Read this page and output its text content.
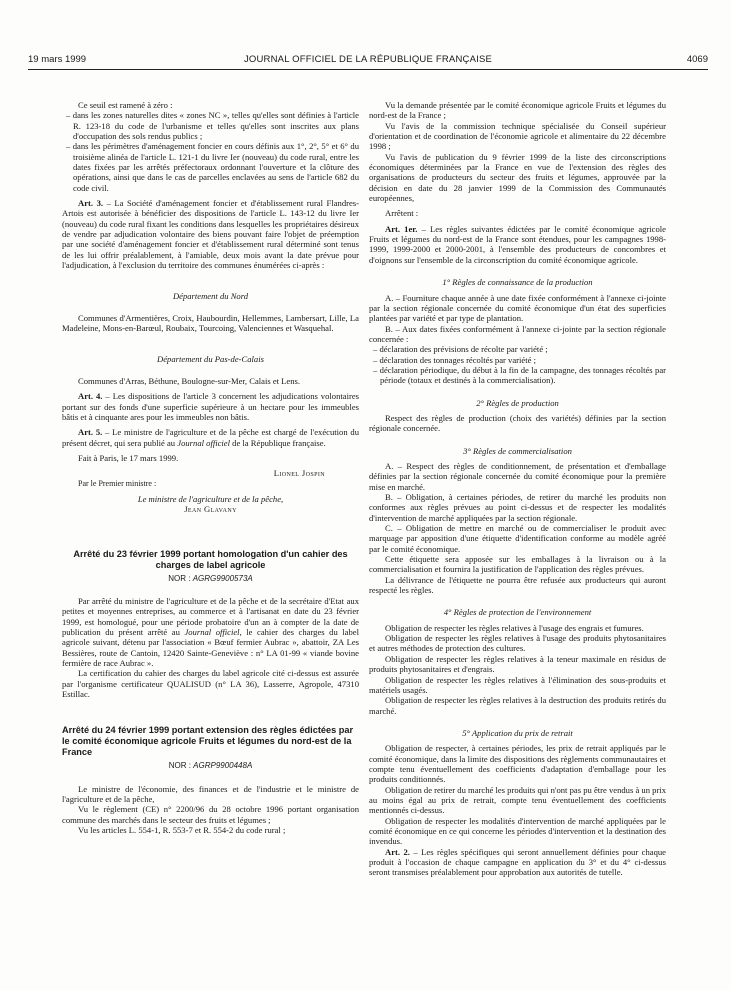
19 mars 1999	JOURNAL OFFICIEL DE LA RÉPUBLIQUE FRANÇAISE	4069

Ce seuil est ramené à zéro :

– dans les zones naturelles dites « zones NC », telles qu'elles sont définies à l'article R. 123-18 du code de l'urbanisme et telles qu'elles sont inscrites aux plans d'occupation des sols rendus publics ;

– dans les périmètres d'aménagement foncier en cours définis aux 1°, 2°, 5° et 6° du troisième alinéa de l'article L. 121-1 du livre Ier (nouveau) du code rural, entre les dates fixées par les arrêtés préfectoraux ordonnant l'ouverture et la clôture des opérations, ainsi que dans le cas de parcelles enclavées au sens de l'article 682 du code civil.

Art. 3. – La Société d'aménagement foncier et d'établissement rural Flandres-Artois est autorisée à bénéficier des dispositions de l'article L. 143-12 du livre Ier (nouveau) du code rural fixant les conditions dans lesquelles les propriétaires désireux de vendre par adjudication volontaire des biens pouvant faire l'objet de préemption par une société d'aménagement foncier et d'établissement rural déterminé sont tenus de les lui offrir préalablement, à l'amiable, deux mois avant la date prévue pour l'adjudication, à l'exclusion du territoire des communes énumérées ci-après :

Département du Nord

Communes d'Armentières, Croix, Haubourdin, Hellemmes, Lambersart, Lille, La Madeleine, Mons-en-Barœul, Roubaix, Tourcoing, Valenciennes et Wasquehal.

Département du Pas-de-Calais

Communes d'Arras, Béthune, Boulogne-sur-Mer, Calais et Lens.

Art. 4. – Les dispositions de l'article 3 concernent les adjudications volontaires portant sur des fonds d'une superficie supérieure à un hectare pour les immeubles bâtis et à cinquante ares pour les immeubles non bâtis.

Art. 5. – Le ministre de l'agriculture et de la pêche est chargé de l'exécution du présent décret, qui sera publié au Journal officiel de la République française.

Fait à Paris, le 17 mars 1999.

Lionel Jospin

Par le Premier ministre :

Le ministre de l'agriculture et de la pêche,

Jean Glavany

Arrêté du 23 février 1999 portant homologation d'un cahier des charges de label agricole

NOR : AGRG9900573A

Par arrêté du ministre de l'agriculture et de la pêche et de la secrétaire d'Etat aux petites et moyennes entreprises, au commerce et à l'artisanat en date du 23 février 1999, est homologué, pour une période probatoire d'un an à compter de la date de publication du présent arrêté au Journal officiel, le cahier des charges du label agricole suivant, détenu par l'association « Bœuf fermier Aubrac », abattoir, ZA Les Bessières, route de Cantoin, 12420 Sainte-Geneviève : n° LA 01-99 « viande bovine fermière de race Aubrac ».

La certification du cahier des charges du label agricole cité ci-dessus est assurée par l'organisme certificateur QUALISUD (n° LA 36), Lasserre, Agropole, 47310 Estillac.

Arrêté du 24 février 1999 portant extension des règles édictées par le comité économique agricole Fruits et légumes du nord-est de la France

NOR : AGRP9900448A

Le ministre de l'économie, des finances et de l'industrie et le ministre de l'agriculture et de la pêche,

Vu le règlement (CE) n° 2200/96 du 28 octobre 1996 portant organisation commune des marchés dans le secteur des fruits et légumes ;

Vu les articles L. 554-1, R. 553-7 et R. 554-2 du code rural ;

Vu la demande présentée par le comité économique agricole Fruits et légumes du nord-est de la France ;

Vu l'avis de la commission technique spécialisée du Conseil supérieur d'orientation et de coordination de l'économie agricole et alimentaire du 22 décembre 1998 ;

Vu l'avis de publication du 9 février 1999 de la liste des circonscriptions économiques déterminées par la France en vue de l'extension des règles des organisations de producteurs du secteur des fruits et légumes, approuvée par la décision en date du 28 janvier 1999 de la Commission des Communautés européennes,

Arrêtent :

Art. 1er. – Les règles suivantes édictées par le comité économique agricole Fruits et légumes du nord-est de la France sont étendues, pour les campagnes 1998-1999, 1999-2000 et 2000-2001, à l'ensemble des producteurs de concombres et d'oignons sur l'ensemble de la circonscription du comité économique agricole.

1° Règles de connaissance de la production

A. – Fourniture chaque année à une date fixée conformément à l'annexe ci-jointe par la section régionale concernée du comité économique d'un état des superficies plantées par variété et par type de plantation.

B. – Aux dates fixées conformément à l'annexe ci-jointe par la section régionale concernée :

– déclaration des prévisions de récolte par variété ;

– déclaration des tonnages récoltés par variété ;

– déclaration périodique, du début à la fin de la campagne, des tonnages récoltés par période (totaux et destinés à la commercialisation).

2° Règles de production

Respect des règles de production (choix des variétés) définies par la section régionale concernée.

3° Règles de commercialisation

A. – Respect des règles de conditionnement, de présentation et d'emballage définies par la section régionale concernée du comité économique pour la première mise en marché.

B. – Obligation, à certaines périodes, de retirer du marché les produits non conformes aux règles prévues au point ci-dessus et de respecter les modalités d'intervention de marché appliquées par la section régionale.

C. – Obligation de mettre en marché ou de commercialiser le produit avec marquage par apposition d'une étiquette d'identification conforme au modèle agréé par le comité économique.

Cette étiquette sera apposée sur les emballages à la livraison ou à la commercialisation et fournira la justification de l'application des règles prévues.

La délivrance de l'étiquette ne pourra être refusée aux producteurs qui auront respecté les règles.

4° Règles de protection de l'environnement

Obligation de respecter les règles relatives à l'usage des engrais et fumures.

Obligation de respecter les règles relatives à l'usage des produits phytosanitaires et autres méthodes de protection des cultures.

Obligation de respecter les règles relatives à la teneur maximale en résidus de produits phytosanitaires et d'engrais.

Obligation de respecter les règles relatives à l'élimination des sous-produits et matériels usagés.

Obligation de respecter les règles relatives à la destruction des produits retirés du marché.

5° Application du prix de retrait

Obligation de respecter, à certaines périodes, les prix de retrait appliqués par le comité économique, dans la limite des dispositions des règlements communautaires et compte tenu éventuellement des coefficients d'adaptation d'emballage pour les produits conditionnés.

Obligation de retirer du marché les produits qui n'ont pas pu être vendus à un prix au moins égal au prix de retrait, compte tenu éventuellement des coefficients mentionnés ci-dessus.

Obligation de respecter les modalités d'intervention de marché appliquées par le comité économique en ce qui concerne les périodes d'intervention et la destination des invendus.

Art. 2. – Les règles spécifiques qui seront annuellement définies pour chaque produit à l'occasion de chaque campagne en application du 3° et du 4° ci-dessus seront transmises préalablement pour approbation aux autorités de tutelle.
